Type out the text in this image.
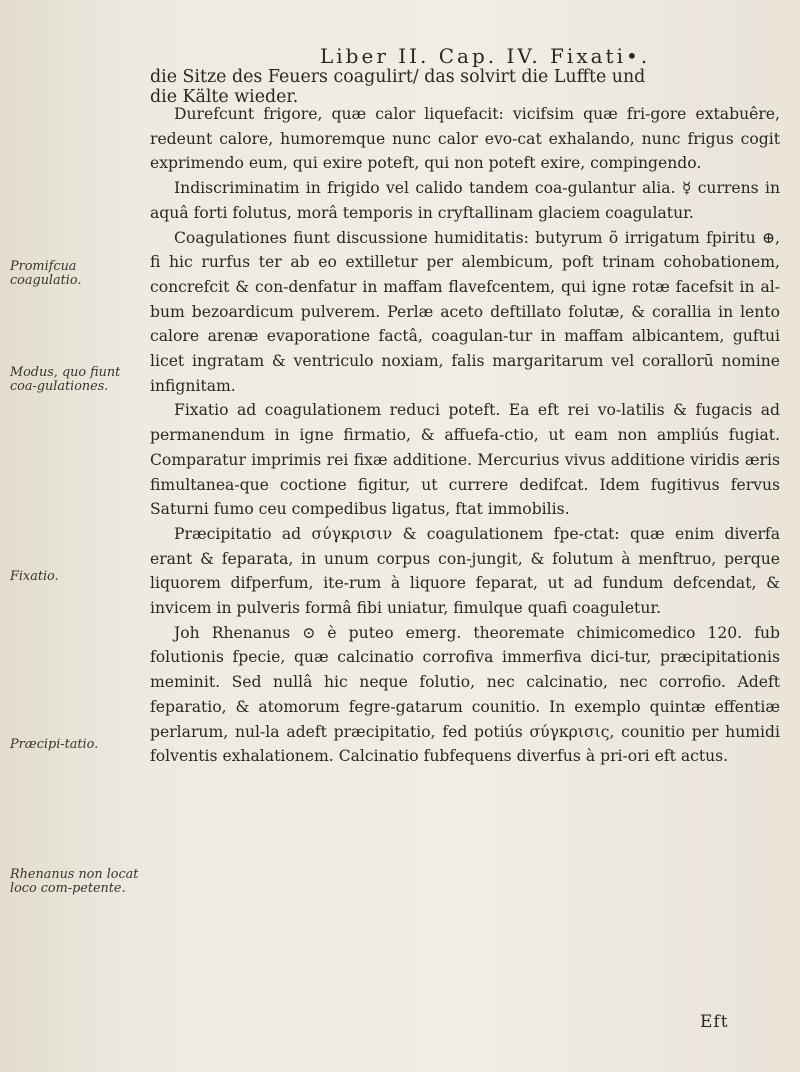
Liber II. Cap. IV. Fixati•.
die Sitze des Feuers coagulirt/ das solvirt die Luffte und
die Kälte wieder.
Promifcua coagulatio.
Modus, quo fiunt coa-gulationes.
Fixatio.
Præcipi-tatio.
Rhenanus non locat loco com-petente.

Durefcunt frigore, quæ calor liquefacit: vicifsim quæ fri-gore extabuêre, redeunt calore, humoremque nunc calor evo-cat exhalando, nunc frigus cogit exprimendo eum, qui exire poteft, qui non poteft exire, compingendo.

Indiscriminatim in frigido vel calido tandem coa-gulantur alia. ☿ currens in aquâ forti folutus, morâ temporis in cryftallinam glaciem coagulatur.

Coagulationes fiunt discussione humiditatis: butyrum õ irrigatum fpiritu ⊕, fi hic rurfus ter ab eo extilletur per alembicum, poft trinam cohobationem, concrefcit & con-denfatur in maffam flavefcentem, qui igne rotæ facefsit in al-bum bezoardicum pulverem. Perlæ aceto deftillato folutæ, & corallia in lento calore arenæ evaporatione factâ, coagulan-tur in maffam albicantem, guftui licet ingratam & ventriculo noxiam, falis margaritarum vel corallorū nomine infignitam.

Fixatio ad coagulationem reduci poteft. Ea eft rei vo-latilis & fugacis ad permanendum in igne firmatio, & affuefa-ctio, ut eam non ampliús fugiat. Comparatur imprimis rei fixæ additione. Mercurius vivus additione viridis æris fimultanea-que coctione figitur, ut currere dedifcat. Idem fugitivus fervus Saturni fumo ceu compedibus ligatus, ftat immobilis.

Præcipitatio ad σύγκρισιν & coagulationem fpe-ctat: quæ enim diverfa erant & feparata, in unum corpus con-jungit, & folutum à menftruo, perque liquorem difperfum, ite-rum à liquore feparat, ut ad fundum defcendat, & invicem in pulveris formâ fibi uniatur, fimulque quafi coaguletur.

Joh Rhenanus ⊙ è puteo emerg. theoremate chimicomedico 120. fub folutionis fpecie, quæ calcinatio corrofiva immerfiva dici-tur, præcipitationis meminit. Sed nullâ hic neque folutio, nec calcinatio, nec corrofio. Adeft feparatio, & atomorum fegre-gatarum counitio. In exemplo quintæ effentiæ perlarum, nul-la adeft præcipitatio, fed potiús σύγκρισις, counitio per humidi folventis exhalationem. Calcinatio fubfequens diverfus à pri-ori eft actus.

Eft
